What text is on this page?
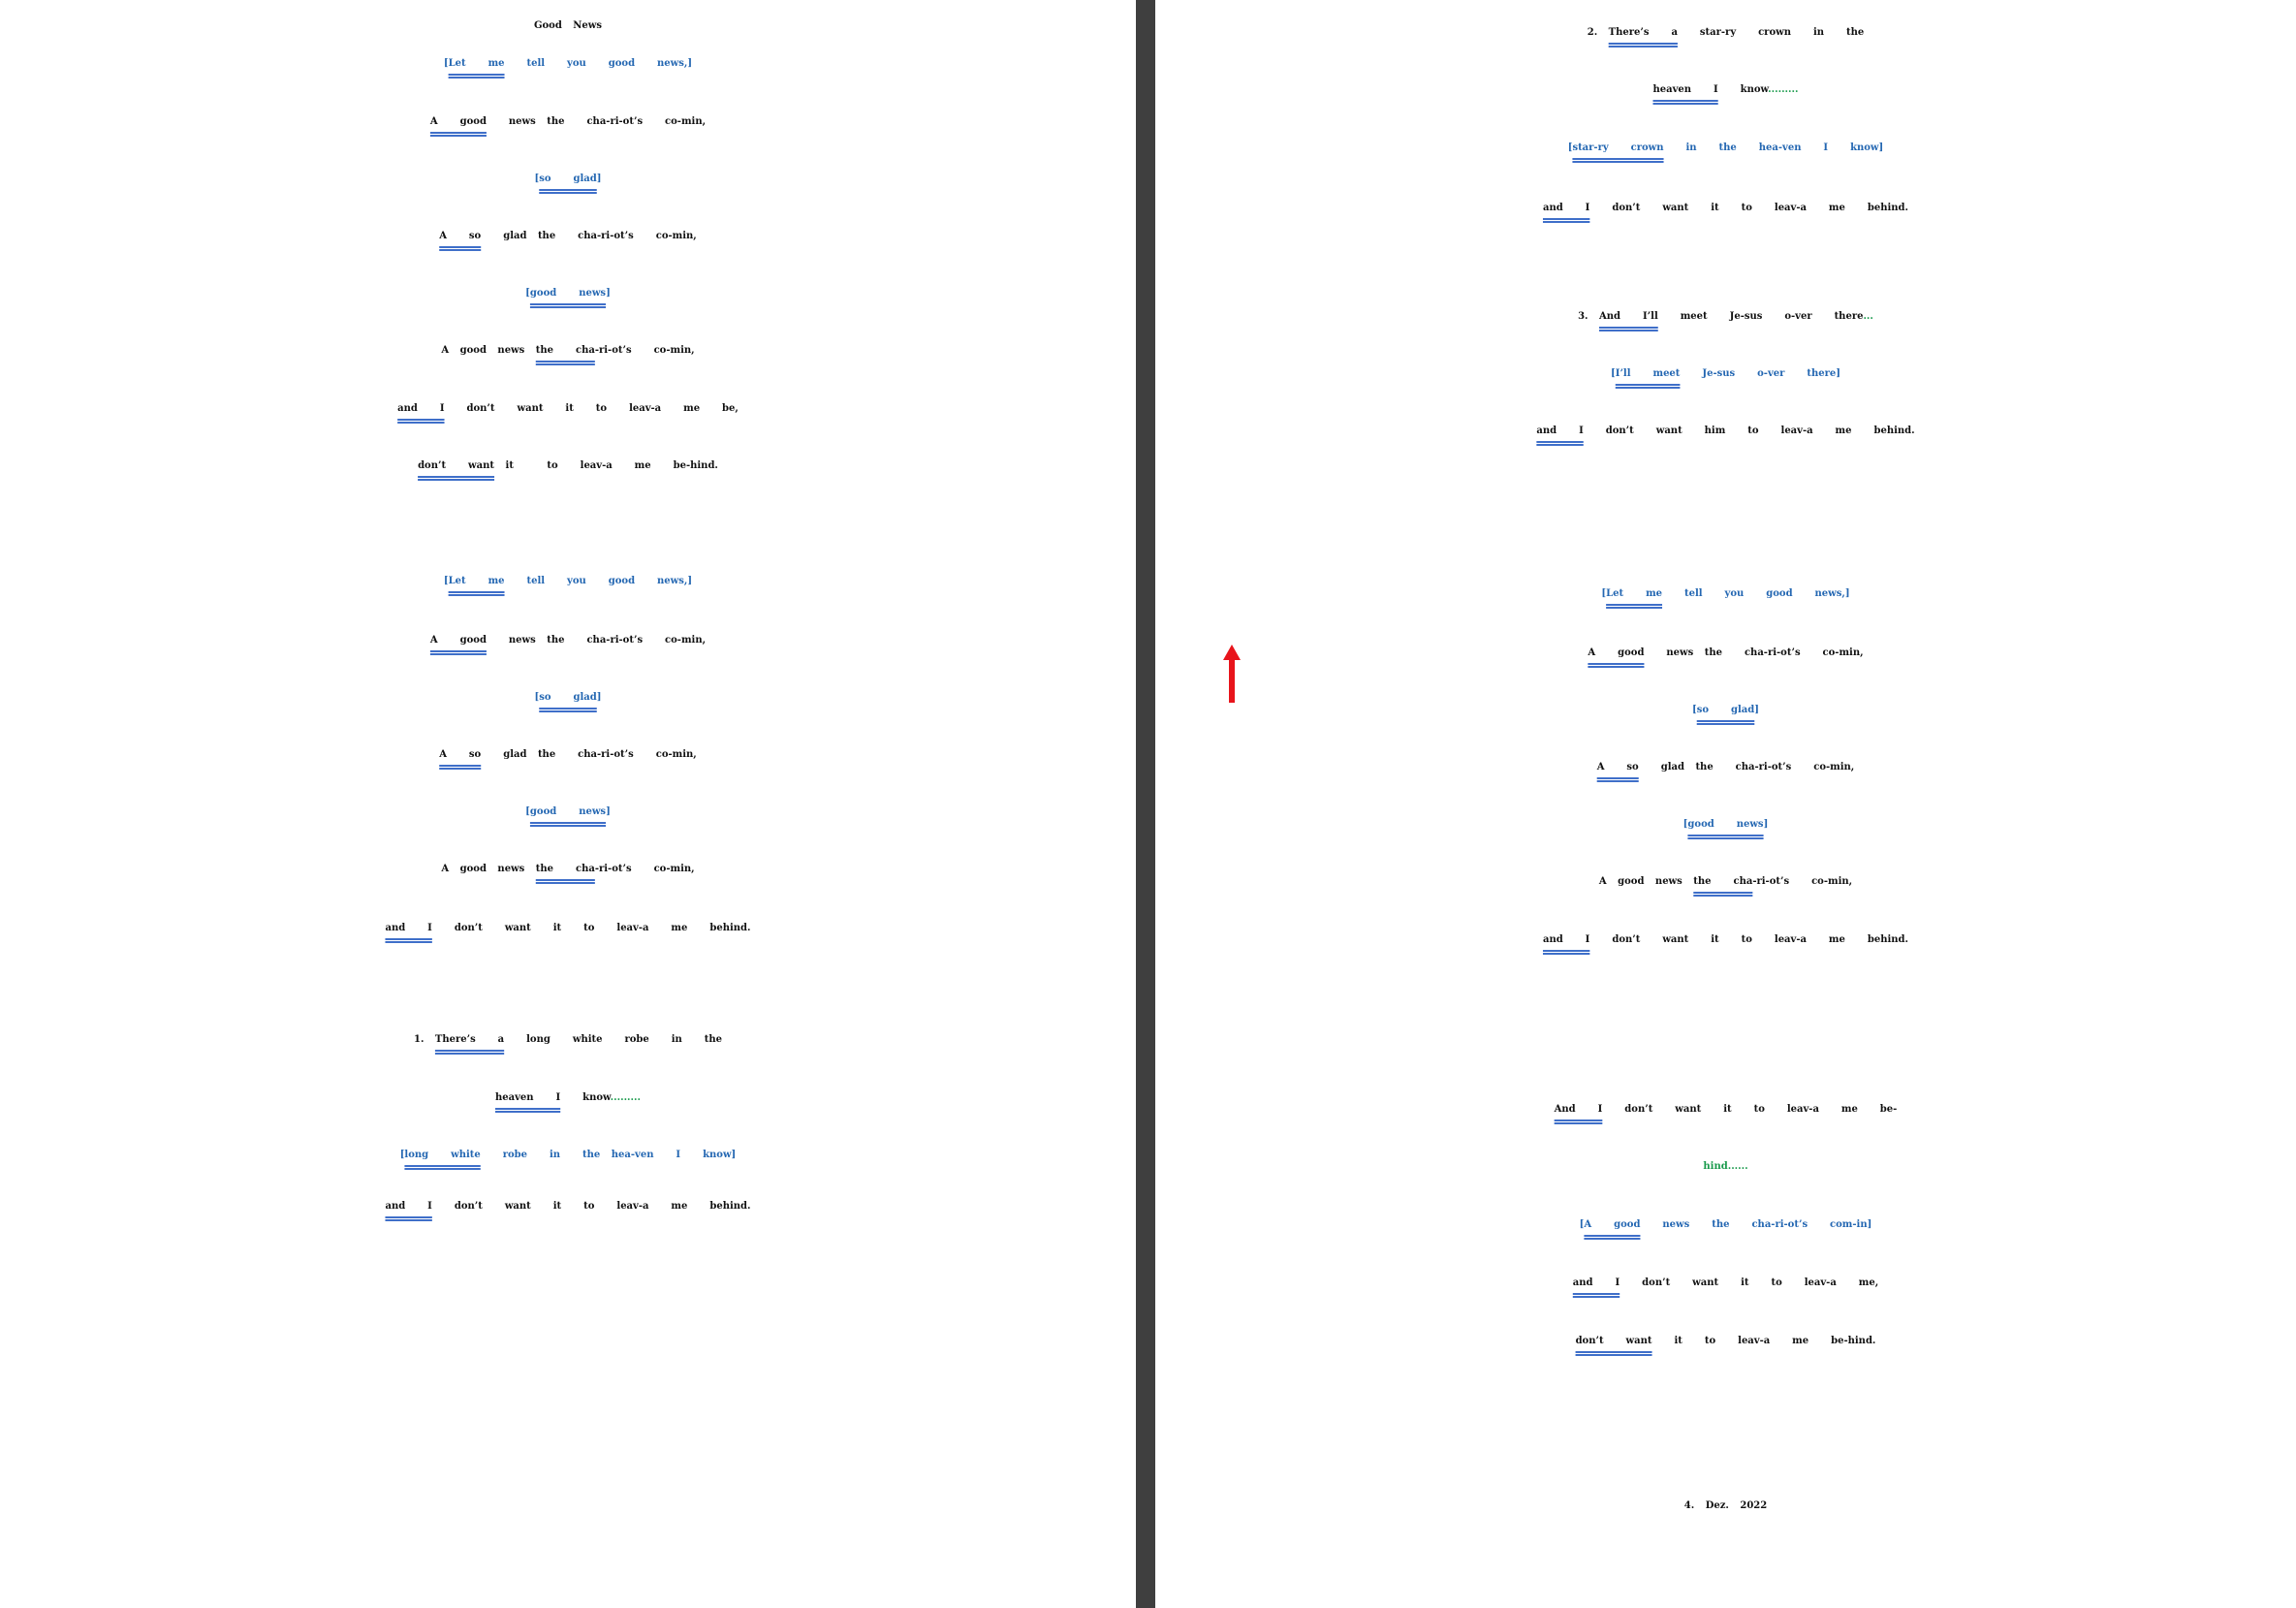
Good News
[Let  me  tell  you  good  news,]
A  good  news the  cha-ri-ot’s  co-min,
[so  glad]
A  so  glad the  cha-ri-ot’s  co-min,
[good  news]
A good news the  cha-ri-ot’s  co-min,
and  I  don’t  want  it  to  leav-a  me  be,
don’t  want it   to  leav-a  me  be-hind.
[Let  me  tell  you  good  news,]
A  good  news the  cha-ri-ot’s  co-min,
[so  glad]
A  so  glad the  cha-ri-ot’s  co-min,
[good  news]
A good news the  cha-ri-ot’s  co-min,
and  I  don’t  want  it  to  leav-a  me  behind.
1. There’s  a  long  white  robe  in  the
heaven  I  know.........
[long  white  robe  in  the hea-ven  I  know]
and  I  don’t  want  it  to  leav-a  me  behind.
2. There’s  a  star-ry  crown  in  the
heaven  I  know.........
[star-ry  crown  in  the  hea-ven  I  know]
and  I  don’t  want  it  to  leav-a  me  behind.
3. And  I’ll  meet  Je-sus  o-ver  there...
[I’ll  meet  Je-sus  o-ver  there]
and  I  don’t  want  him  to  leav-a  me  behind.
[Let  me  tell  you  good  news,]
A  good  news the  cha-ri-ot’s  co-min,
[so  glad]
A  so  glad the  cha-ri-ot’s  co-min,
[good  news]
A good news the  cha-ri-ot’s  co-min,
and  I  don’t  want  it  to  leav-a  me  behind.
And  I  don’t  want  it  to  leav-a  me  be-
hind......
[A  good  news  the  cha-ri-ot’s  com-in]
and  I  don’t  want  it  to  leav-a  me,
don’t  want  it  to  leav-a  me  be-hind.
4. Dez. 2022
